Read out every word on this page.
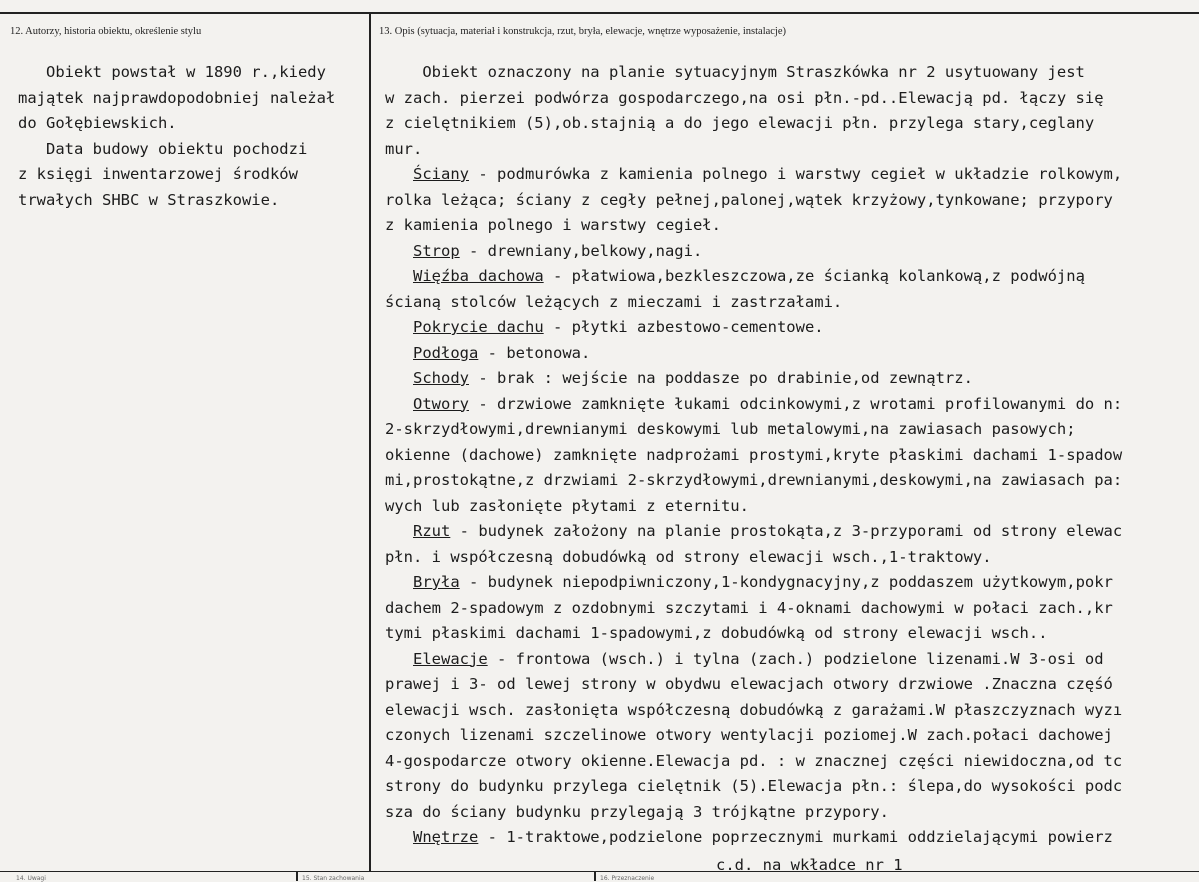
12. Autorzy, historia obiektu, określenie stylu	13. Opis (sytuacja, materiał i konstrukcja, rzut, bryła, elewacje, wnętrze wyposażenie, instalacje)
Obiekt powstał w 1890 r.,kiedy
majątek najprawdopodobniej należał
do Gołębiewskich.
Data budowy obiektu pochodzi
z księgi inwentarzowej środków
trwałych SHBC w Straszkowie.
Obiekt oznaczony na planie sytuacyjnym Straszkówka nr 2 usytuowany jest
w zach. pierzei podwórza gospodarczego,na osi płn.-pd..Elewacją pd. łączy się
z cielętnikiem (5),ob.stajnią a do jego elewacji płn. przylega stary,ceglany
mur.
Ściany - podmurówka z kamienia polnego i warstwy cegieł w układzie rolkowym,
rolka leżąca; ściany z cegły pełnej,palonej,wątek krzyżowy,tynkowane; przypory
z kamienia polnego i warstwy cegieł.
Strop - drewniany,belkowy,nagi.
Więźba dachowa - płatwiowa,bezkleszczowa,ze ścianką kolankową,z podwójną
ścianą stolców leżących z mieczami i zastrzałami.
Pokrycie dachu - płytki azbestowo-cementowe.
Podłoga - betonowa.
Schody - brak : wejście na poddasze po drabinie,od zewnątrz.
Otwory - drzwiowe zamknięte łukami odcinkowymi,z wrotami profilowanymi do n:
2-skrzydłowymi,drewnianymi deskowymi lub metalowymi,na zawiasach pasowych;
okienne (dachowe) zamknięte nadprożami prostymi,kryte płaskimi dachami 1-spadow
mi,prostokątne,z drzwiami 2-skrzydłowymi,drewnianymi,deskowymi,na zawiasach pa:
wych lub zasłonięte płytami z eternitu.
Rzut - budynek założony na planie prostokąta,z 3-przyporami od strony elewac
płn. i współczesną dobudówką od strony elewacji wsch.,1-traktowy.
Bryła - budynek niepodpiwniczony,1-kondygnacyjny,z poddaszem użytkowym,pokr
dachem 2-spadowym z ozdobnymi szczytami i 4-oknami dachowymi w połaci zach.,kr
tymi płaskimi dachami 1-spadowymi,z dobudówką od strony elewacji wsch..
Elewacje - frontowa (wsch.) i tylna (zach.) podzielone lizenami.W 3-osi od
prawej i 3- od lewej strony w obydwu elewacjach otwory drzwiowe .Znaczna częśó
elewacji wsch. zasłonięta współczesną dobudówką z garażami.W płaszczyznach wyzı
czonych lizenami szczelinowe otwory wentylacji poziomej.W zach.połaci dachowej
4-gospodarcze otwory okienne.Elewacja pd. : w znacznej części niewidoczna,od tc
strony do budynku przylega cielętnik (5).Elewacja płn.: ślepa,do wysokości podc
sza do ściany budynku przylegają 3 trójkątne przypory.
Wnętrze - 1-traktowe,podzielone poprzecznymi murkami oddzielającymi powierz
c.d. na wkładce nr 1
14. Uwagi	15. Stan zachowania	16. Przeznaczenie
